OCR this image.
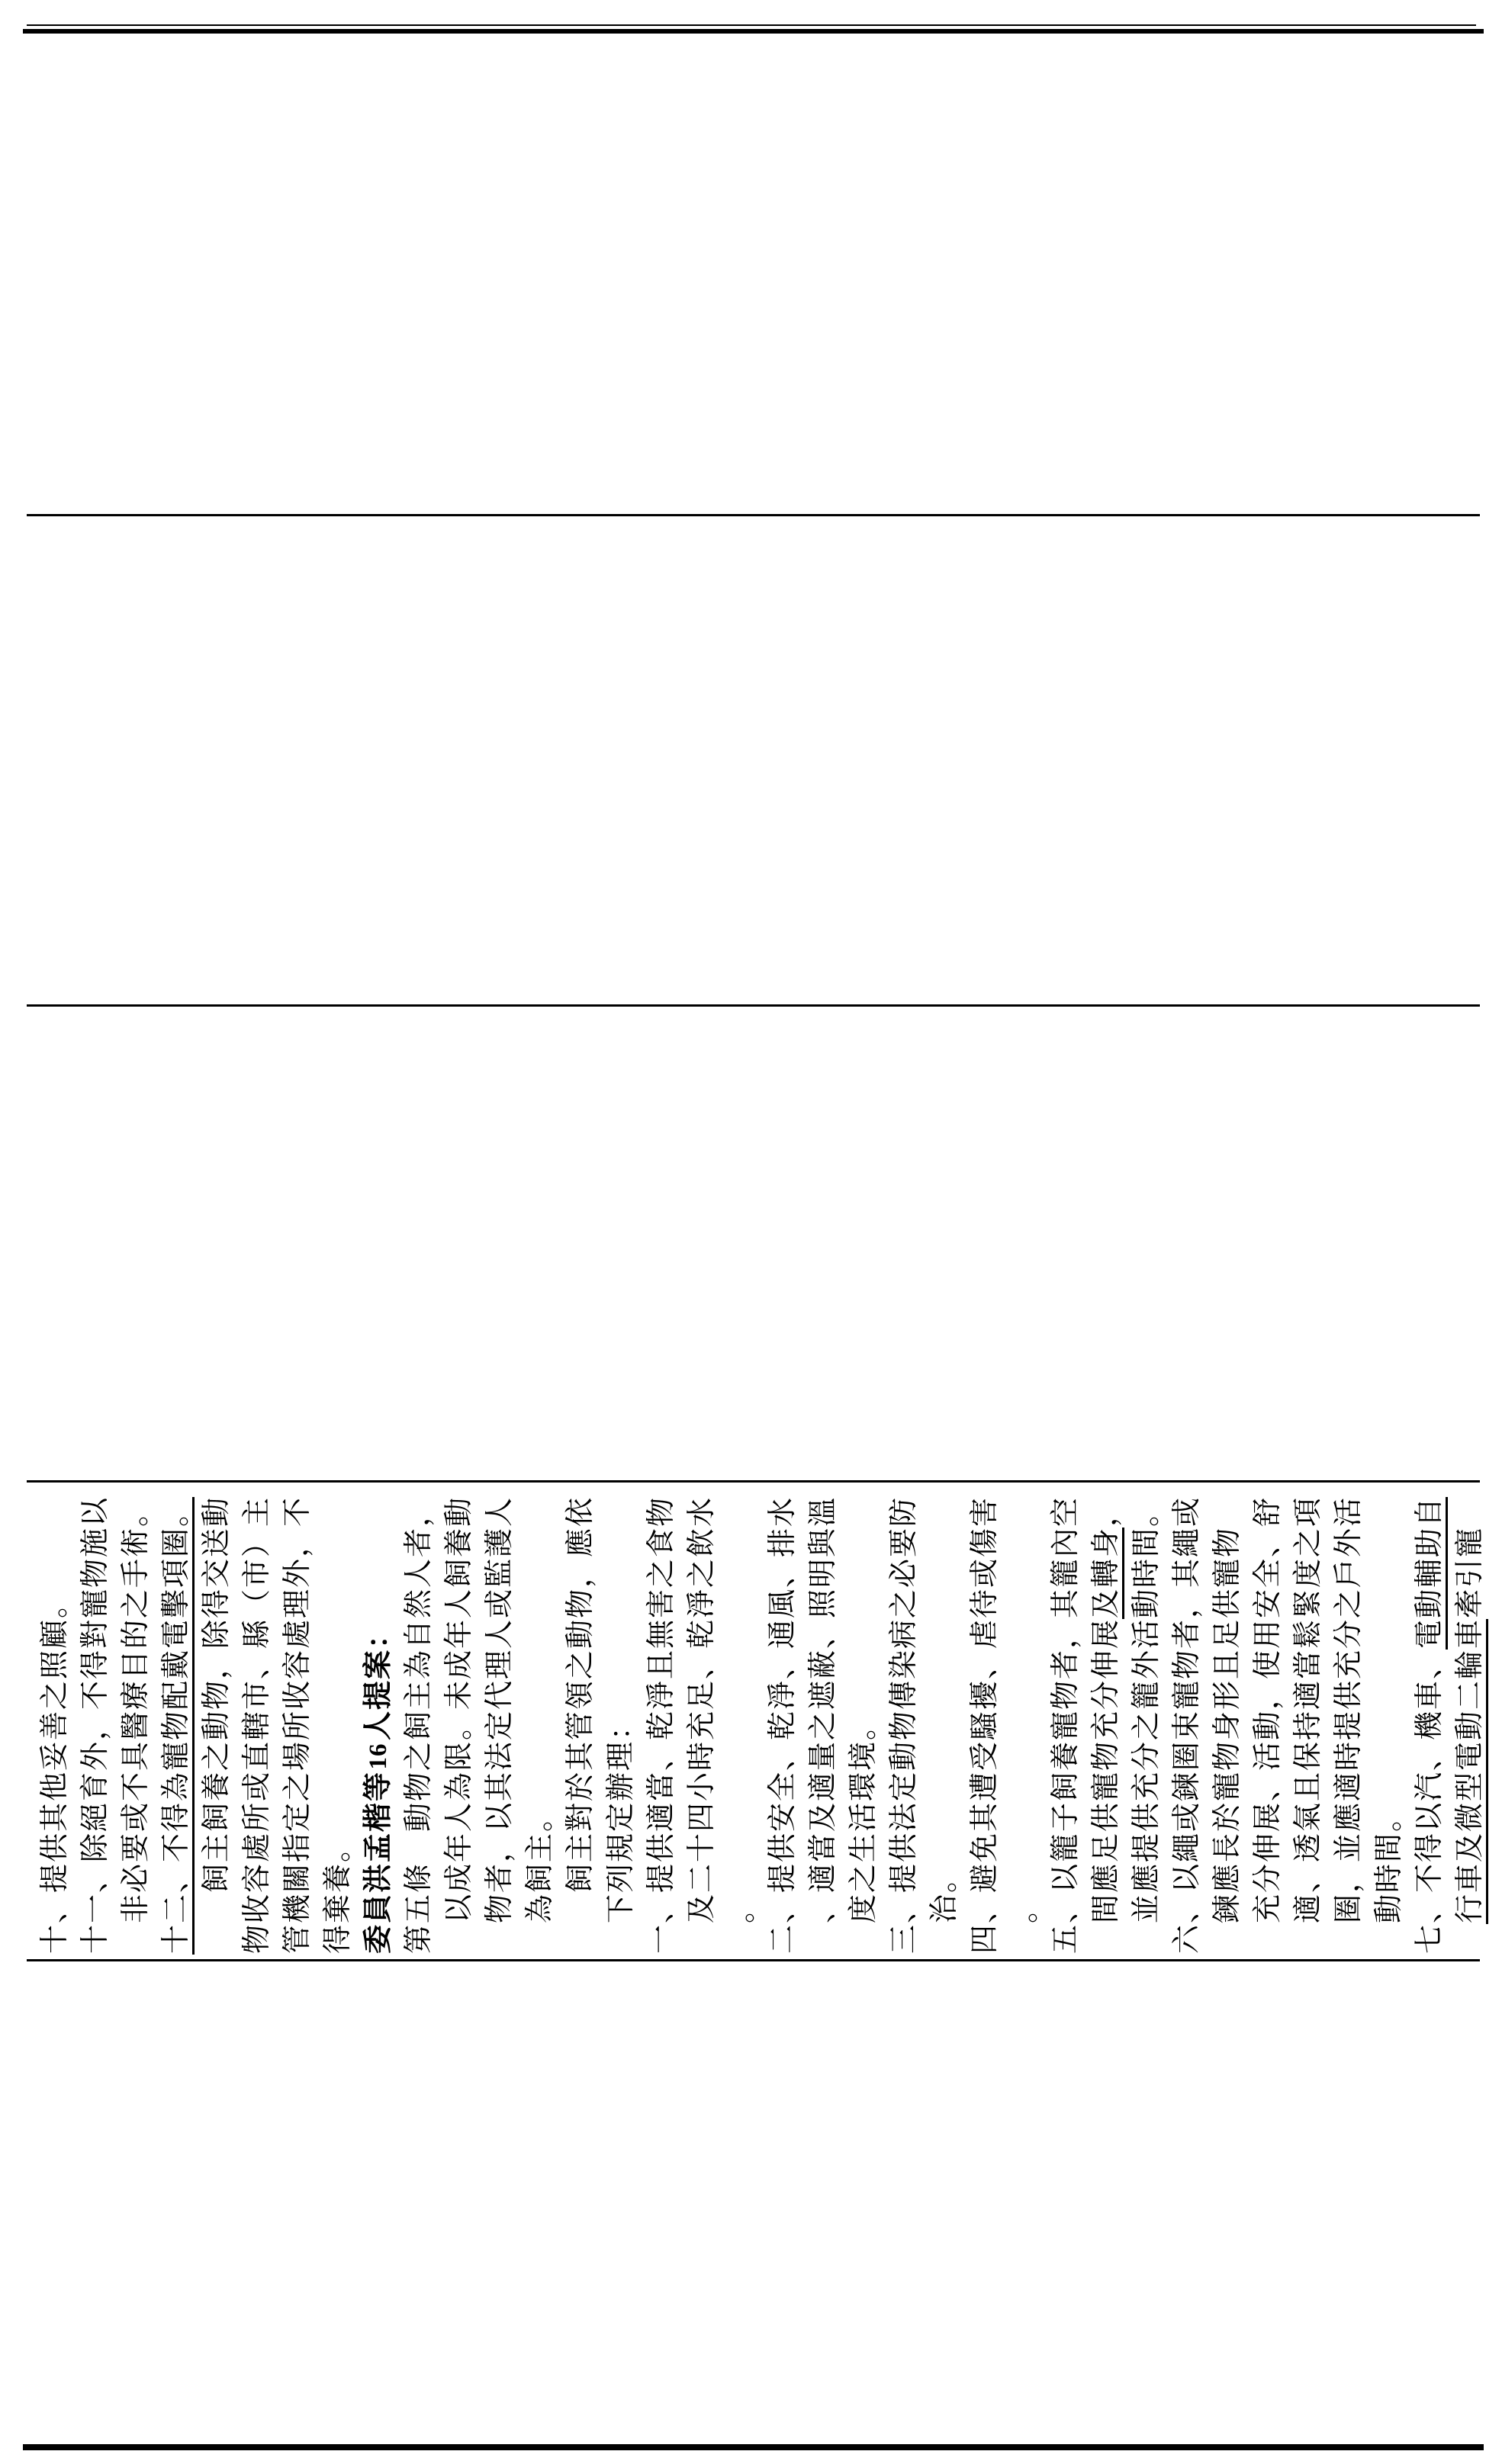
十、提供其他妥善之照顧。
十一、除絕育外，不得對寵物施以
非必要或不具醫療目的之手術。
十二、不得為寵物配戴電擊項圈。
飼主飼養之動物，除得交送動
物收容處所或直轄市、縣（市）主
管機關指定之場所收容處理外，不
得棄養。
委員洪孟楷等16人提案：
第五條　動物之飼主為自然人者，
以成年人為限。未成年人飼養動
物者，以其法定代理人或監護人
為飼主。
飼主對於其管領之動物，應依
下列規定辦理：
一、提供適當、乾淨且無害之食物
及二十四小時充足、乾淨之飲水
。
二、提供安全、乾淨、通風、排水
、適當及適量之遮蔽、照明與溫
度之生活環境。
三、提供法定動物傳染病之必要防
治。
四、避免其遭受騷擾、虐待或傷害
。
五、以籠子飼養寵物者，其籠內空
間應足供寵物充分伸展及轉身，
並應提供充分之籠外活動時間。
六、以繩或鍊圈束寵物者，其繩或
鍊應長於寵物身形且足供寵物
充分伸展、活動，使用安全、舒
適、透氣且保持適當鬆緊度之項
圈，並應適時提供充分之戶外活
動時間。
七、不得以汽、機車、電動輔助自
行車及微型電動二輪車牽引寵
